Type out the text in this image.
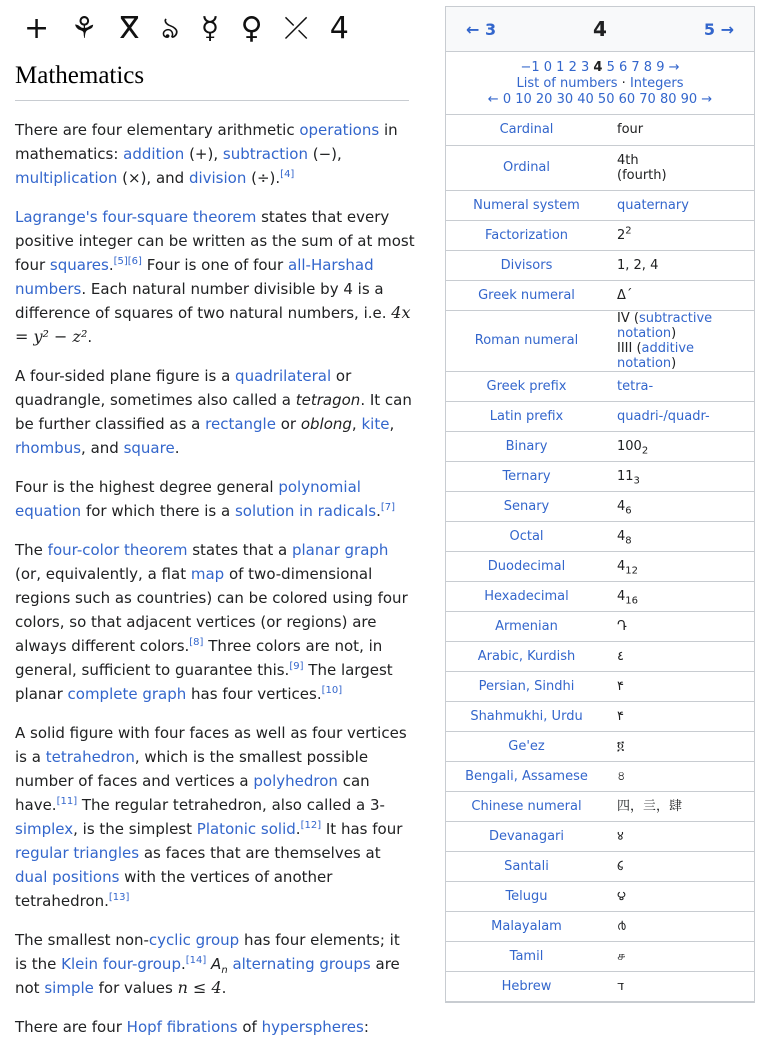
+ ⚘ ⴳ ঌ ☿ ♀ ⤫ 4
Mathematics

There are four elementary arithmetic operations in mathematics: addition (+), subtraction (−), multiplication (×), and division (÷).[4]

Lagrange's four-square theorem states that every positive integer can be written as the sum of at most four squares.[5][6] Four is one of four all-Harshad numbers. Each natural number divisible by 4 is a difference of squares of two natural numbers, i.e. 4x = y² − z².

A four-sided plane figure is a quadrilateral or quadrangle, sometimes also called a tetragon. It can be further classified as a rectangle or oblong, kite, rhombus, and square.

Four is the highest degree general polynomial equation for which there is a solution in radicals.[7]

The four-color theorem states that a planar graph (or, equivalently, a flat map of two-dimensional regions such as countries) can be colored using four colors, so that adjacent vertices (or regions) are always different colors.[8] Three colors are not, in general, sufficient to guarantee this.[9] The largest planar complete graph has four vertices.[10]

A solid figure with four faces as well as four vertices is a tetrahedron, which is the smallest possible number of faces and vertices a polyhedron can have.[11] The regular tetrahedron, also called a 3-simplex, is the simplest Platonic solid.[12] It has four regular triangles as faces that are themselves at dual positions with the vertices of another tetrahedron.[13]

The smallest non-cyclic group has four elements; it is the Klein four-group.[14] $A_n$ alternating groups are not simple for values n ≤ 4.

There are four Hopf fibrations of hyperspheres:

← 3	4	5 →
−1 0 1 2 3 4 5 6 7 8 9 →
List of numbers · Integers
← 0 10 20 30 40 50 60 70 80 90 →
Cardinal	four
Ordinal	4th
(fourth)
Numeral system	quaternary
Factorization	$2^2$
Divisors	1, 2, 4
Greek numeral	Δ´
Roman numeral	IV (subtractive notation)
IIII (additive notation)
Greek prefix	tetra-
Latin prefix	quadri-/quadr-
Binary	$100_2$
Ternary	$11_3$
Senary	$4_6$
Octal	$4_8$
Duodecimal	$4_{12}$
Hexadecimal	$4_{16}$
Armenian	Դ
Arabic, Kurdish	٤
Persian, Sindhi	۴
Shahmukhi, Urdu	۴
Ge'ez	፬
Bengali, Assamese	৪
Chinese numeral	四，亖，肆
Devanagari	४
Santali	᱔
Telugu	౪
Malayalam	൪
Tamil	௪
Hebrew	ד
